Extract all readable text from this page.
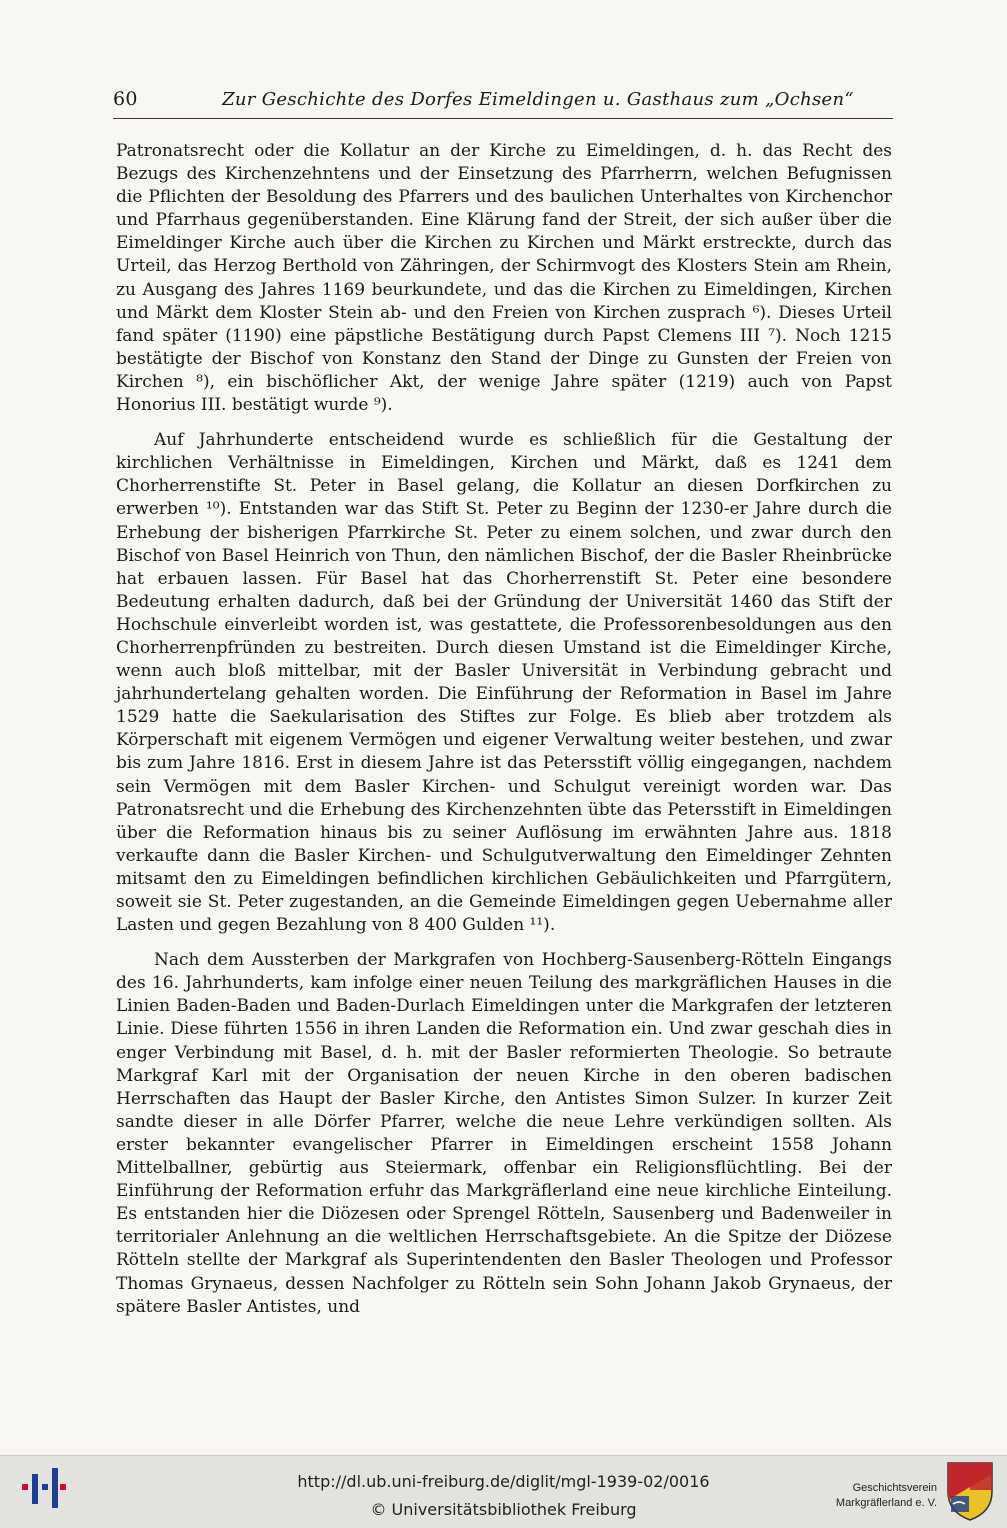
60	Zur Geschichte des Dorfes Eimeldingen u. Gasthaus zum „Ochsen“

Patronatsrecht oder die Kollatur an der Kirche zu Eimeldingen, d. h. das Recht des Bezugs des Kirchenzehntens und der Einsetzung des Pfarrherrn, welchen Befugnissen die Pflichten der Besoldung des Pfarrers und des baulichen Unterhaltes von Kirchenchor und Pfarrhaus gegenüberstanden. Eine Klärung fand der Streit, der sich außer über die Eimeldinger Kirche auch über die Kirchen zu Kirchen und Märkt erstreckte, durch das Urteil, das Herzog Berthold von Zähringen, der Schirmvogt des Klosters Stein am Rhein, zu Ausgang des Jahres 1169 beurkundete, und das die Kirchen zu Eimeldingen, Kirchen und Märkt dem Kloster Stein ab- und den Freien von Kirchen zusprach ⁶). Dieses Urteil fand später (1190) eine päpstliche Bestätigung durch Papst Clemens III ⁷). Noch 1215 bestätigte der Bischof von Konstanz den Stand der Dinge zu Gunsten der Freien von Kirchen ⁸), ein bischöflicher Akt, der wenige Jahre später (1219) auch von Papst Honorius III. bestätigt wurde ⁹).

Auf Jahrhunderte entscheidend wurde es schließlich für die Gestaltung der kirchlichen Verhältnisse in Eimeldingen, Kirchen und Märkt, daß es 1241 dem Chorherrenstifte St. Peter in Basel gelang, die Kollatur an diesen Dorfkirchen zu erwerben ¹⁰). Entstanden war das Stift St. Peter zu Beginn der 1230-er Jahre durch die Erhebung der bisherigen Pfarrkirche St. Peter zu einem solchen, und zwar durch den Bischof von Basel Heinrich von Thun, den nämlichen Bischof, der die Basler Rheinbrücke hat erbauen lassen. Für Basel hat das Chorherrenstift St. Peter eine besondere Bedeutung erhalten dadurch, daß bei der Gründung der Universität 1460 das Stift der Hochschule einverleibt worden ist, was gestattete, die Professorenbesoldungen aus den Chorherrenpfründen zu bestreiten. Durch diesen Umstand ist die Eimeldinger Kirche, wenn auch bloß mittelbar, mit der Basler Universität in Verbindung gebracht und jahrhundertelang gehalten worden. Die Einführung der Reformation in Basel im Jahre 1529 hatte die Saekularisation des Stiftes zur Folge. Es blieb aber trotzdem als Körperschaft mit eigenem Vermögen und eigener Verwaltung weiter bestehen, und zwar bis zum Jahre 1816. Erst in diesem Jahre ist das Petersstift völlig eingegangen, nachdem sein Vermögen mit dem Basler Kirchen- und Schulgut vereinigt worden war. Das Patronatsrecht und die Erhebung des Kirchenzehnten übte das Petersstift in Eimeldingen über die Reformation hinaus bis zu seiner Auflösung im erwähnten Jahre aus. 1818 verkaufte dann die Basler Kirchen- und Schulgutverwaltung den Eimeldinger Zehnten mitsamt den zu Eimeldingen befindlichen kirchlichen Gebäulichkeiten und Pfarrgütern, soweit sie St. Peter zugestanden, an die Gemeinde Eimeldingen gegen Uebernahme aller Lasten und gegen Bezahlung von 8 400 Gulden ¹¹).

Nach dem Aussterben der Markgrafen von Hochberg-Sausenberg-Rötteln Eingangs des 16. Jahrhunderts, kam infolge einer neuen Teilung des markgräflichen Hauses in die Linien Baden-Baden und Baden-Durlach Eimeldingen unter die Markgrafen der letzteren Linie. Diese führten 1556 in ihren Landen die Reformation ein. Und zwar geschah dies in enger Verbindung mit Basel, d. h. mit der Basler reformierten Theologie. So betraute Markgraf Karl mit der Organisation der neuen Kirche in den oberen badischen Herrschaften das Haupt der Basler Kirche, den Antistes Simon Sulzer. In kurzer Zeit sandte dieser in alle Dörfer Pfarrer, welche die neue Lehre verkündigen sollten. Als erster bekannter evangelischer Pfarrer in Eimeldingen erscheint 1558 Johann Mittelballner, gebürtig aus Steiermark, offenbar ein Religionsflüchtling. Bei der Einführung der Reformation erfuhr das Markgräflerland eine neue kirchliche Einteilung. Es entstanden hier die Diözesen oder Sprengel Rötteln, Sausenberg und Badenweiler in territorialer Anlehnung an die weltlichen Herrschaftsgebiete. An die Spitze der Diözese Rötteln stellte der Markgraf als Superintendenten den Basler Theologen und Professor Thomas Grynaeus, dessen Nachfolger zu Rötteln sein Sohn Johann Jakob Grynaeus, der spätere Basler Antistes, und

http://dl.ub.uni-freiburg.de/diglit/mgl-1939-02/0016
© Universitätsbibliothek Freiburg
Geschichtsverein
Markgräflerland e. V.
